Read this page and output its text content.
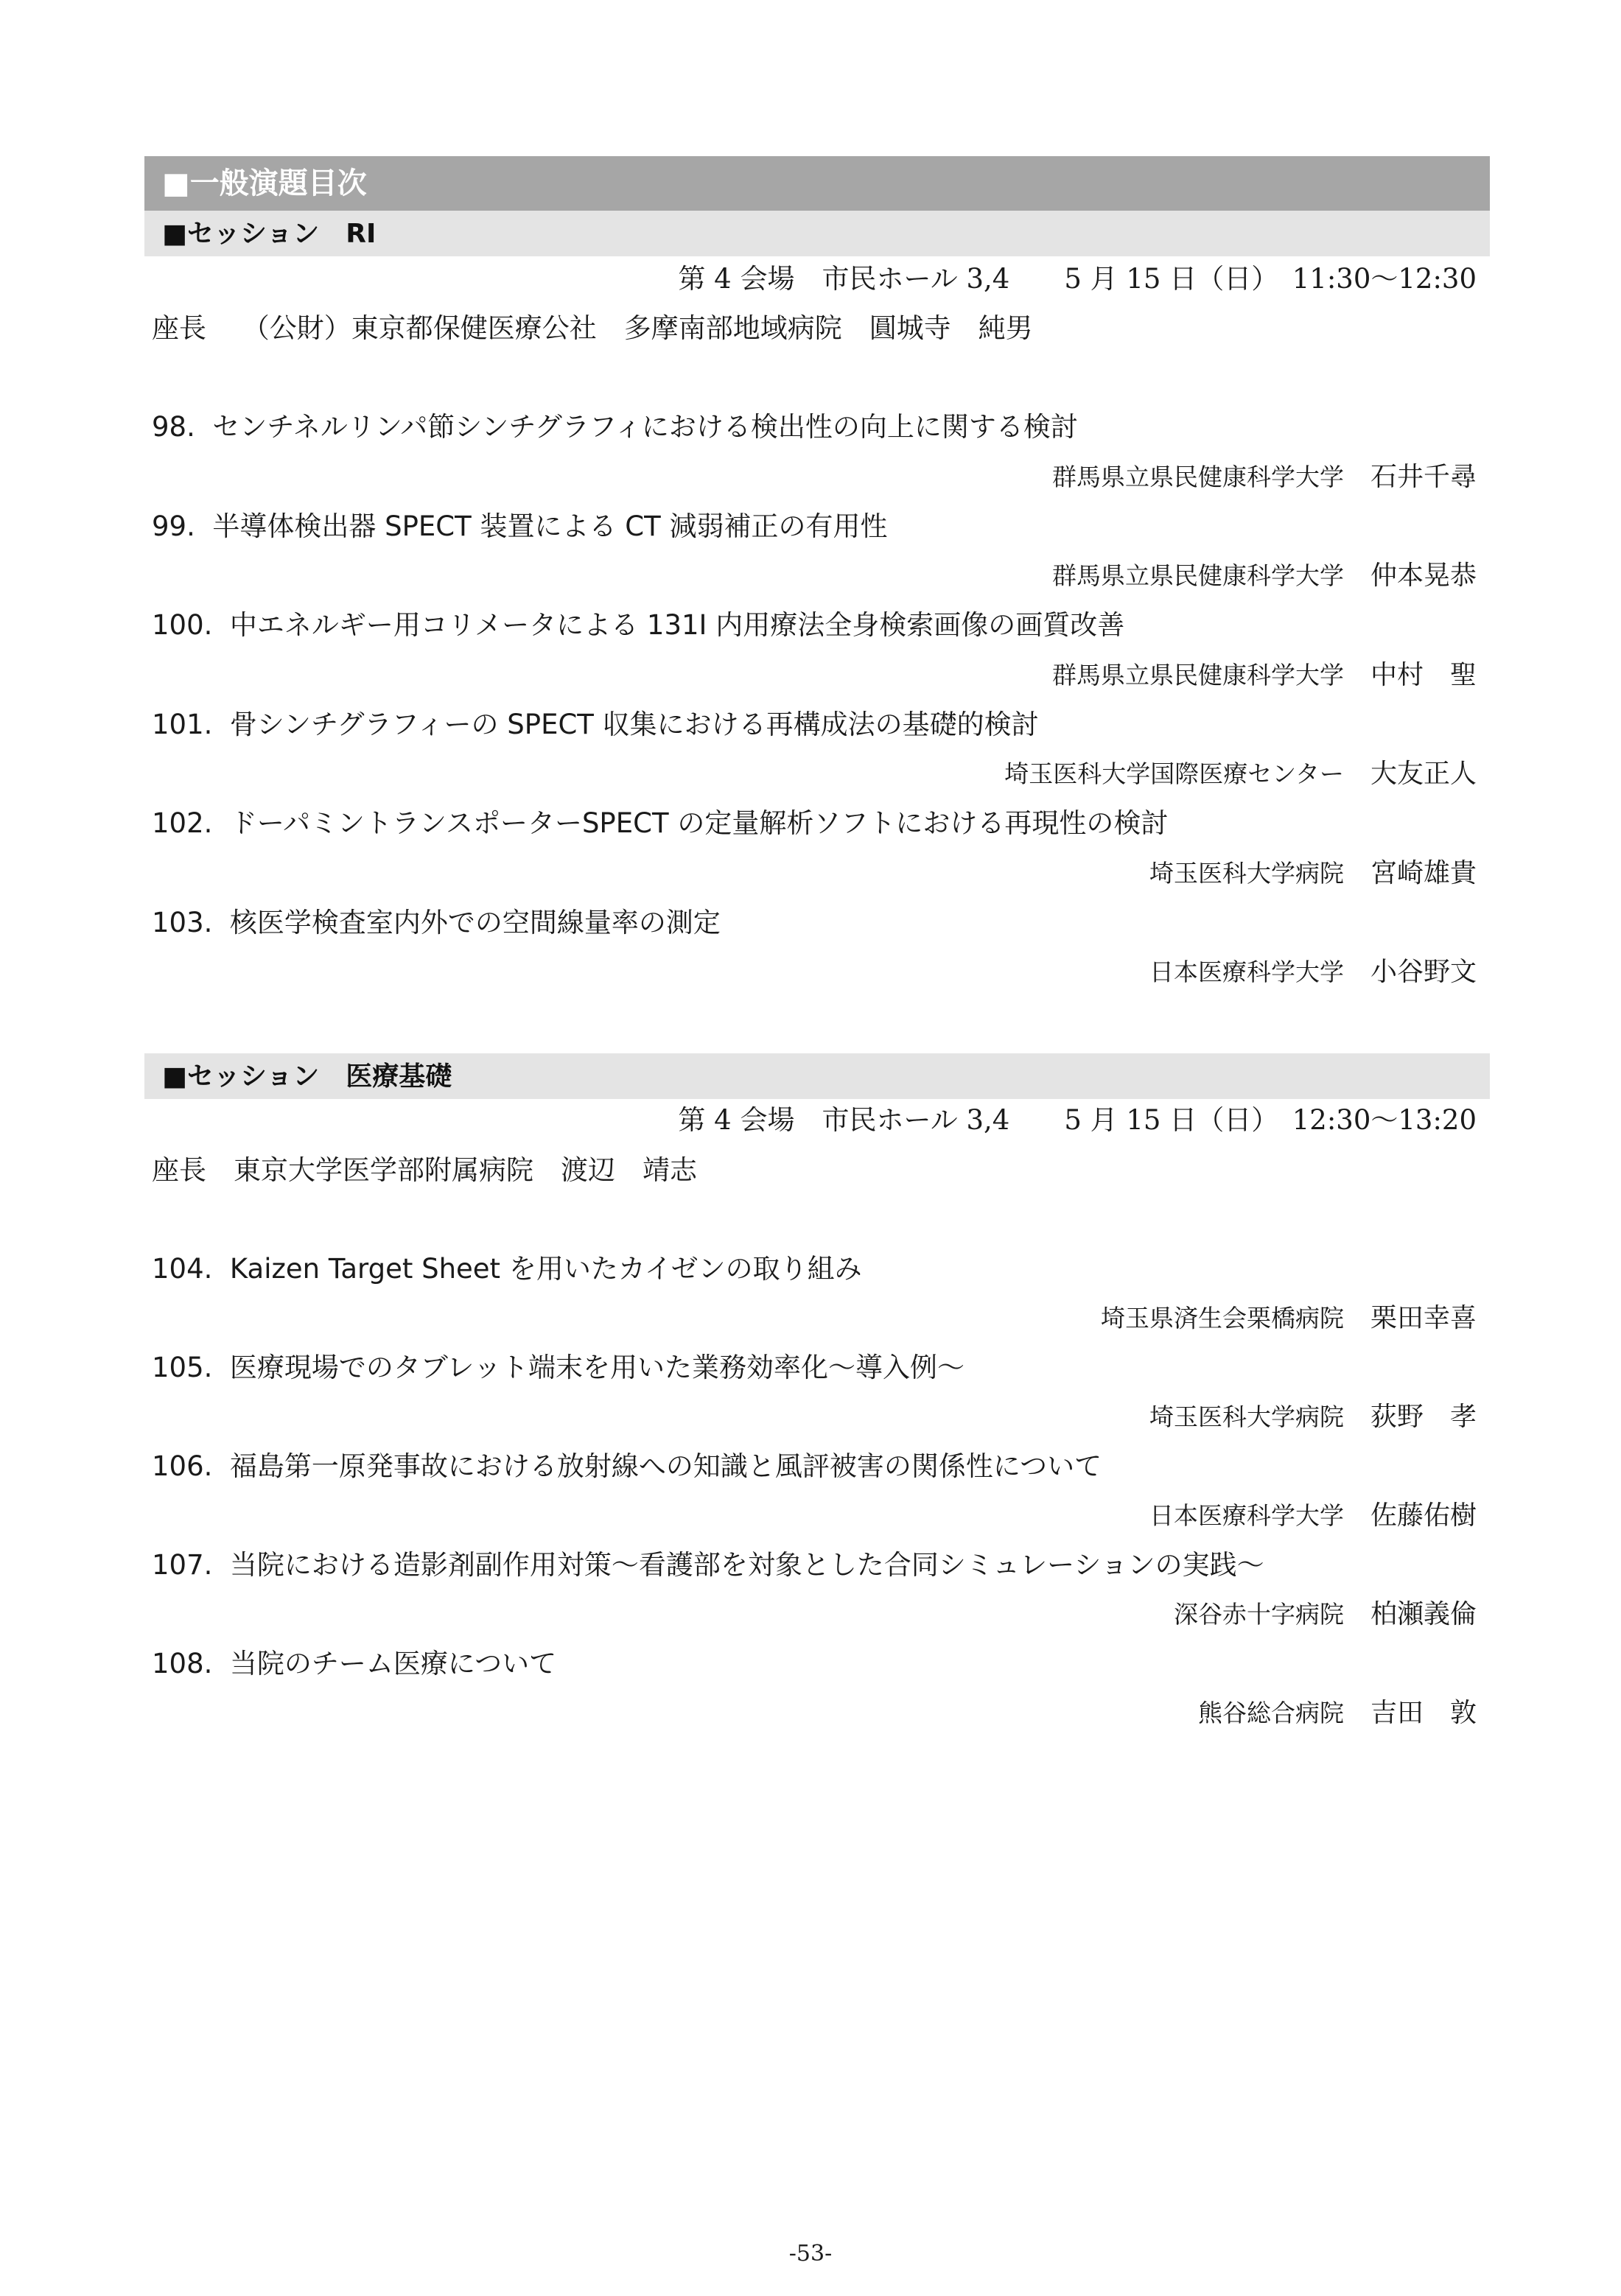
■一般演題目次
■セッション　RI
第 4 会場　市民ホール 3,4　　5 月 15 日（日）　11:30〜12:30
座長　 （公財）東京都保健医療公社　多摩南部地域病院　圓城寺　純男
98.  センチネルリンパ節シンチグラフィにおける検出性の向上に関する検討
群馬県立県民健康科学大学　 石井千尋
99.  半導体検出器 SPECT 装置による CT 減弱補正の有用性
群馬県立県民健康科学大学　 仲本晃恭
100.  中エネルギー用コリメータによる 131I 内用療法全身検索画像の画質改善
群馬県立県民健康科学大学　 中村　聖
101.  骨シンチグラフィーの SPECT 収集における再構成法の基礎的検討
埼玉医科大学国際医療センター　 大友正人
102.  ドーパミントランスポーターSPECT の定量解析ソフトにおける再現性の検討
埼玉医科大学病院　 宮崎雄貴
103.  核医学検査室内外での空間線量率の測定
日本医療科学大学　 小谷野文
■セッション　医療基礎
第 4 会場　市民ホール 3,4　　5 月 15 日（日）　12:30〜13:20
座長　東京大学医学部附属病院　渡辺　靖志
104.  Kaizen Target Sheet を用いたカイゼンの取り組み
埼玉県済生会栗橋病院　 栗田幸喜
105.  医療現場でのタブレット端末を用いた業務効率化〜導入例〜
埼玉医科大学病院　 荻野　孝
106.  福島第一原発事故における放射線への知識と風評被害の関係性について
日本医療科学大学　 佐藤佑樹
107.  当院における造影剤副作用対策〜看護部を対象とした合同シミュレーションの実践〜
深谷赤十字病院　 柏瀬義倫
108.  当院のチーム医療について
熊谷総合病院　 吉田　敦
-53-
